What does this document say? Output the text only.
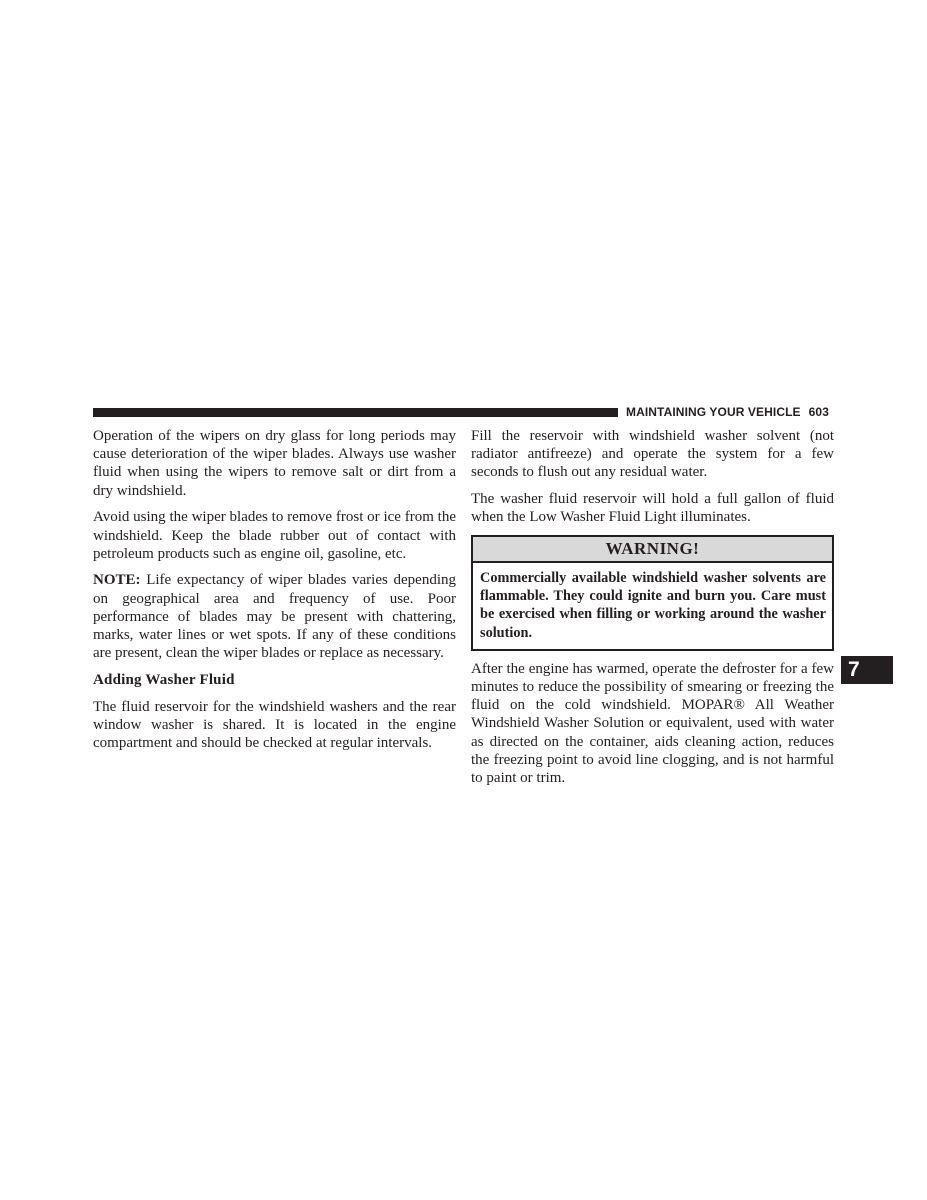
MAINTAINING YOUR VEHICLE 603

Operation of the wipers on dry glass for long periods may cause deterioration of the wiper blades. Always use washer fluid when using the wipers to remove salt or dirt from a dry windshield.

Avoid using the wiper blades to remove frost or ice from the windshield. Keep the blade rubber out of contact with petroleum products such as engine oil, gasoline, etc.

NOTE: Life expectancy of wiper blades varies depending on geographical area and frequency of use. Poor performance of blades may be present with chattering, marks, water lines or wet spots. If any of these conditions are present, clean the wiper blades or replace as necessary.

Adding Washer Fluid

The fluid reservoir for the windshield washers and the rear window washer is shared. It is located in the engine compartment and should be checked at regular intervals.

Fill the reservoir with windshield washer solvent (not radiator antifreeze) and operate the system for a few seconds to flush out any residual water.

The washer fluid reservoir will hold a full gallon of fluid when the Low Washer Fluid Light illuminates.

WARNING!
Commercially available windshield washer solvents are flammable. They could ignite and burn you. Care must be exercised when filling or working around the washer solution.

After the engine has warmed, operate the defroster for a few minutes to reduce the possibility of smearing or freezing the fluid on the cold windshield. MOPAR® All Weather Windshield Washer Solution or equivalent, used with water as directed on the container, aids cleaning action, reduces the freezing point to avoid line clogging, and is not harmful to paint or trim.

7
